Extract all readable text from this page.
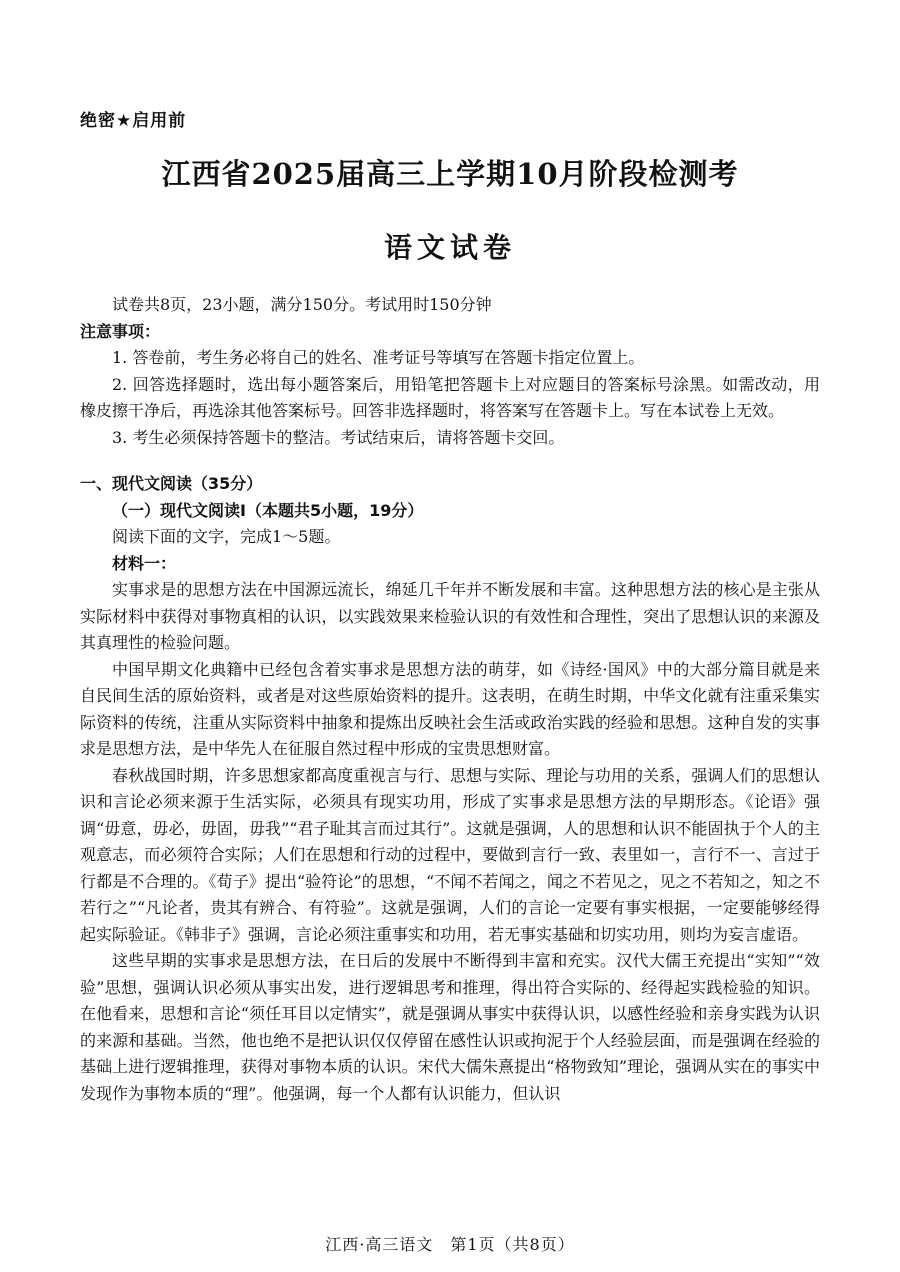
绝密★启用前
江西省2025届高三上学期10月阶段检测考
语文试卷

试卷共8页，23小题，满分150分。考试用时150分钟

注意事项：

1. 答卷前，考生务必将自己的姓名、准考证号等填写在答题卡指定位置上。

2. 回答选择题时，选出每小题答案后，用铅笔把答题卡上对应题目的答案标号涂黑。如需改动，用橡皮擦干净后，再选涂其他答案标号。回答非选择题时，将答案写在答题卡上。写在本试卷上无效。

3. 考生必须保持答题卡的整洁。考试结束后，请将答题卡交回。

一、现代文阅读（35分）

（一）现代文阅读Ⅰ（本题共5小题，19分）

阅读下面的文字，完成1～5题。

材料一：

实事求是的思想方法在中国源远流长，绵延几千年并不断发展和丰富。这种思想方法的核心是主张从实际材料中获得对事物真相的认识，以实践效果来检验认识的有效性和合理性，突出了思想认识的来源及其真理性的检验问题。

中国早期文化典籍中已经包含着实事求是思想方法的萌芽，如《诗经·国风》中的大部分篇目就是来自民间生活的原始资料，或者是对这些原始资料的提升。这表明，在萌生时期，中华文化就有注重采集实际资料的传统，注重从实际资料中抽象和提炼出反映社会生活或政治实践的经验和思想。这种自发的实事求是思想方法，是中华先人在征服自然过程中形成的宝贵思想财富。

春秋战国时期，许多思想家都高度重视言与行、思想与实际、理论与功用的关系，强调人们的思想认识和言论必须来源于生活实际，必须具有现实功用，形成了实事求是思想方法的早期形态。《论语》强调“毋意，毋必，毋固，毋我”“君子耻其言而过其行”。这就是强调，人的思想和认识不能固执于个人的主观意志，而必须符合实际；人们在思想和行动的过程中，要做到言行一致、表里如一，言行不一、言过于行都是不合理的。《荀子》提出“验符论”的思想，“不闻不若闻之，闻之不若见之，见之不若知之，知之不若行之”“凡论者，贵其有辨合、有符验”。这就是强调，人们的言论一定要有事实根据，一定要能够经得起实际验证。《韩非子》强调，言论必须注重事实和功用，若无事实基础和切实功用，则均为妄言虚语。

这些早期的实事求是思想方法，在日后的发展中不断得到丰富和充实。汉代大儒王充提出“实知”“效验”思想，强调认识必须从事实出发，进行逻辑思考和推理，得出符合实际的、经得起实践检验的知识。在他看来，思想和言论“须任耳目以定情实”，就是强调从事实中获得认识，以感性经验和亲身实践为认识的来源和基础。当然，他也绝不是把认识仅仅停留在感性认识或拘泥于个人经验层面，而是强调在经验的基础上进行逻辑推理，获得对事物本质的认识。宋代大儒朱熹提出“格物致知”理论，强调从实在的事实中发现作为事物本质的“理”。他强调，每一个人都有认识能力，但认识

江西·高三语文　第1页（共8页）
